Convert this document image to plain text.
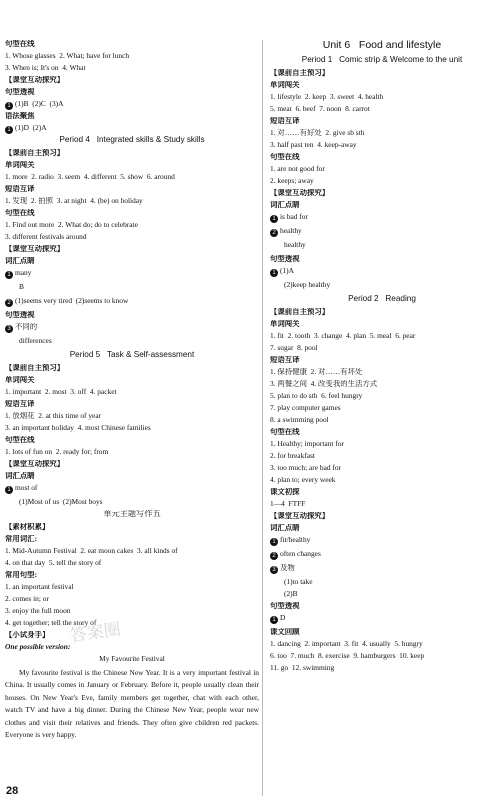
句型在线
1. Whose glasses  2. What; have for lunch
3. When is; It's on  4. What
【课堂互动探究】
句型透视
1 (1)B  (2)C  (3)A
语法聚焦
1 (1)D  (2)A
Period 4   Integrated skills & Study skills
【课前自主预习】
单词闯关
1. more  2. radio  3. seem  4. different  5. show  6. around
短语互译
1. 发现  2. 拍照  3. at night  4. (be) on holiday
句型在线
1. Find out more  2. What do; do to celebrate
3. different festivals around
【课堂互动探究】
词汇点睛
1 many
B
2 (1)seems very tired  (2)seems to know
句型透视
3 不同的
differences
Period 5   Task & Self-assessment
【课前自主预习】
单词闯关
1. important  2. most  3. off  4. packet
短语互译
1. 放烟花  2. at this time of year
3. an important holiday  4. most Chinese families
句型在线
1. lots of fun on  2. ready for; from
【课堂互动探究】
词汇点睛
1 most of
(1)Most of us  (2)Most boys
单元主题写作五
【素材积累】
常用词汇:
1. Mid-Autumn Festival  2. eat moon cakes  3. all kinds of
4. on that day  5. tell the story of
常用句型:
1. an important festival
2. comes in; or
3. enjoy the full moon
4. get together; tell the story of
【小试身手】
One possible version:
My Favourite Festival
My favourite festival is the Chinese New Year. It is a very important festival in China. It usually comes in January or February. Before it, people usually clean their houses. On New Year's Eve, family members get together, chat with each other, watch TV and have a big dinner. During the Chinese New Year, people wear new clothes and visit their relatives and friends. They often give children red packets. Everyone is very happy.
Unit 6   Food and lifestyle
Period 1   Comic strip & Welcome to the unit
【课前自主预习】
单词闯关
1. lifestyle  2. keep  3. sweet  4. health
5. meat  6. beef  7. noon  8. carrot
短语互译
1. 对……有好处  2. give sb sth
3. half past ten  4. keep-away
句型在线
1. are not good for
2. keeps; away
【课堂互动探究】
词汇点睛
1 is bad for
2 healthy
healthy
句型透视
1 (1)A
(2)keep healthy
Period 2   Reading
【课前自主预习】
单词闯关
1. fit  2. tooth  3. change  4. plan  5. meal  6. pear
7. sugar  8. pool
短语互译
1. 保持健康  2. 对……有坏处
3. 两餐之间  4. 改变我的生活方式
5. plan to do sth  6. feel hungry
7. play computer games
8. a swimming pool
句型在线
1. Healthy; important for
2. for breakfast
3. too much; are bad for
4. plan to; every week
课文初探
1—4  FTFF
【课堂互动探究】
词汇点睛
1 fit/healthy
2 often changes
3 及物
(1)to take
(2)B
句型透视
1 D
课文回顾
1. dancing  2. important  3. fit  4. usually  5. hungry
6. too  7. much  8. exercise  9. hamburgers  10. keep
11. go  12. swimming
答案圈
28
